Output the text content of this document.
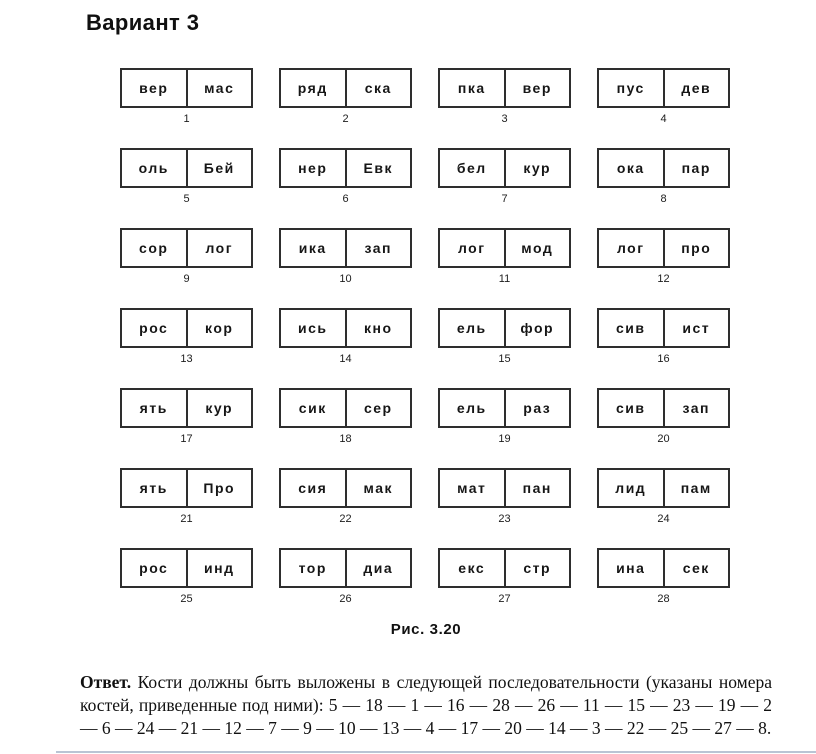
Вариант 3
вер	мас
1
ряд	ска
2
пка	вер
3
пус	дев
4
оль	Бей
5
нер	Евк
6
бел	кур
7
ока	пар
8
сор	лог
9
ика	зап
10
лог	мод
11
лог	про
12
рос	кор
13
ись	кно
14
ель	фор
15
сив	ист
16
ять	кур
17
сик	сер
18
ель	раз
19
сив	зап
20
ять	Про
21
сия	мак
22
мат	пан
23
лид	пам
24
рос	инд
25
тор	диа
26
екс	стр
27
ина	сек
28
Рис. 3.20

Ответ. Кости должны быть выложены в следующей последовательности (указаны номера костей, приведенные под ними): 5 — 18 — 1 — 16 — 28 — 26 — 11 — 15 — 23 — 19 — 2 — 6 — 24 — 21 — 12 — 7 — 9 — 10 — 13 — 4 — 17 — 20 — 14 — 3 — 22 — 25 — 27 — 8.
